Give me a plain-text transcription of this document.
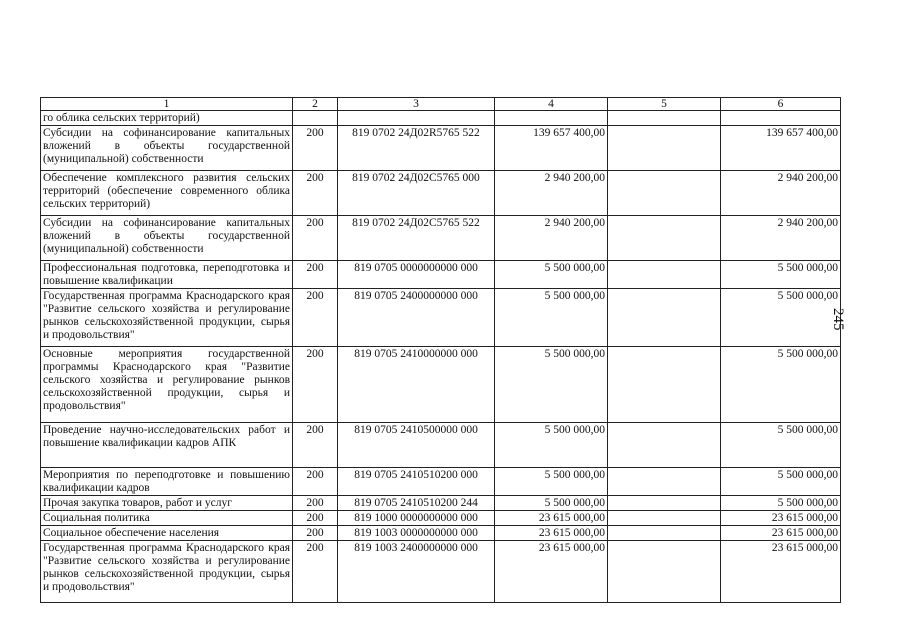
1	2	3	4	5	6
го облика сельских территорий)					
Субсидии на софинансирование капитальных вложений в объекты государственной (муниципальной) собственности	200	819 0702 24Д02R5765 522	139 657 400,00		139 657 400,00
Обеспечение комплексного развития сельских территорий (обеспечение современного облика сельских территорий)	200	819 0702 24Д02С5765 000	2 940 200,00		2 940 200,00
Субсидии на софинансирование капитальных вложений в объекты государственной (муниципальной) собственности	200	819 0702 24Д02С5765 522	2 940 200,00		2 940 200,00
Профессиональная подготовка, переподготовка и повышение квалификации	200	819 0705 0000000000 000	5 500 000,00		5 500 000,00
Государственная программа Краснодарского края "Развитие сельского хозяйства и регулирование рынков сельскохозяйственной продукции, сырья и продовольствия"	200	819 0705 2400000000 000	5 500 000,00		5 500 000,00
Основные мероприятия государственной программы Краснодарского края "Развитие сельского хозяйства и регулирование рынков сельскохозяйственной продукции, сырья и продовольствия"	200	819 0705 2410000000 000	5 500 000,00		5 500 000,00
Проведение научно-исследовательских работ и повышение квалификации кадров АПК	200	819 0705 2410500000 000	5 500 000,00		5 500 000,00
Мероприятия по переподготовке и повышению квалификации кадров	200	819 0705 2410510200 000	5 500 000,00		5 500 000,00
Прочая закупка товаров, работ и услуг	200	819 0705 2410510200 244	5 500 000,00		5 500 000,00
Социальная политика	200	819 1000 0000000000 000	23 615 000,00		23 615 000,00
Социальное обеспечение населения	200	819 1003 0000000000 000	23 615 000,00		23 615 000,00
Государственная программа Краснодарского края "Развитие сельского хозяйства и регулирование рынков сельскохозяйственной продукции, сырья и продовольствия"	200	819 1003 2400000000 000	23 615 000,00		23 615 000,00
245
